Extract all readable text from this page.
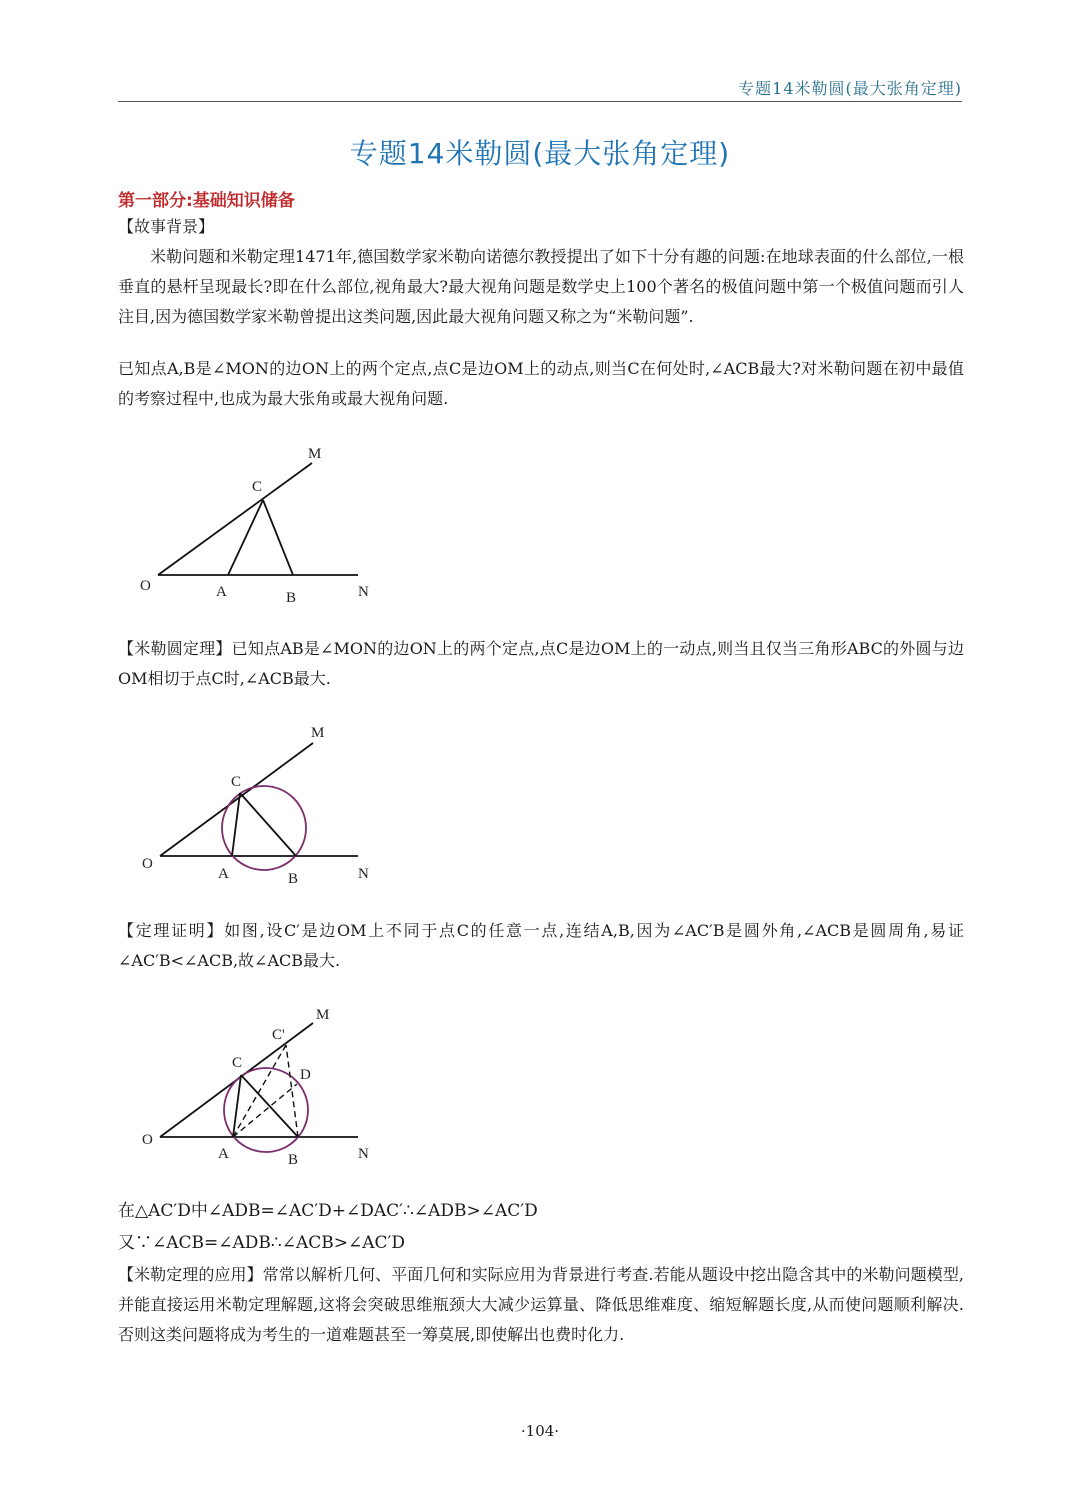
专题14米勒圆(最大张角定理)
专题14米勒圆(最大张角定理)
第一部分:基础知识储备

【故事背景】

米勒问题和米勒定理1471年,德国数学家米勒向诺德尔教授提出了如下十分有趣的问题:在地球表面的什么部位,一根垂直的悬杆呈现最长?即在什么部位,视角最大?最大视角问题是数学史上100个著名的极值问题中第一个极值问题而引人注目,因为德国数学家米勒曾提出这类问题,因此最大视角问题又称之为“米勒问题”.

已知点A,B是∠MON的边ON上的两个定点,点C是边OM上的动点,则当C在何处时,∠ACB最大?对米勒问题在初中最值的考察过程中,也成为最大张角或最大视角问题.

O	A	B
C
M
N

【米勒圆定理】已知点AB是∠MON的边ON上的两个定点,点C是边OM上的一动点,则当且仅当三角形ABC的外圆与边OM相切于点C时,∠ACB最大.

O
A	B
C
M
N

【定理证明】如图,设C′是边OM上不同于点C的任意一点,连结A,B,因为∠AC′B是圆外角,∠ACB是圆周角,易证∠AC′B<∠ACB,故∠ACB最大.

O
A	B
C
C'
D
M
N

在△AC′D中∠ADB=∠AC′D+∠DAC′∴∠ADB>∠AC′D

又∵∠ACB=∠ADB∴∠ACB>∠AC′D

【米勒定理的应用】常常以解析几何、平面几何和实际应用为背景进行考查.若能从题设中挖出隐含其中的米勒问题模型,并能直接运用米勒定理解题,这将会突破思维瓶颈大大减少运算量、降低思维难度、缩短解题长度,从而使问题顺利解决.否则这类问题将成为考生的一道难题甚至一筹莫展,即使解出也费时化力.

·104·
